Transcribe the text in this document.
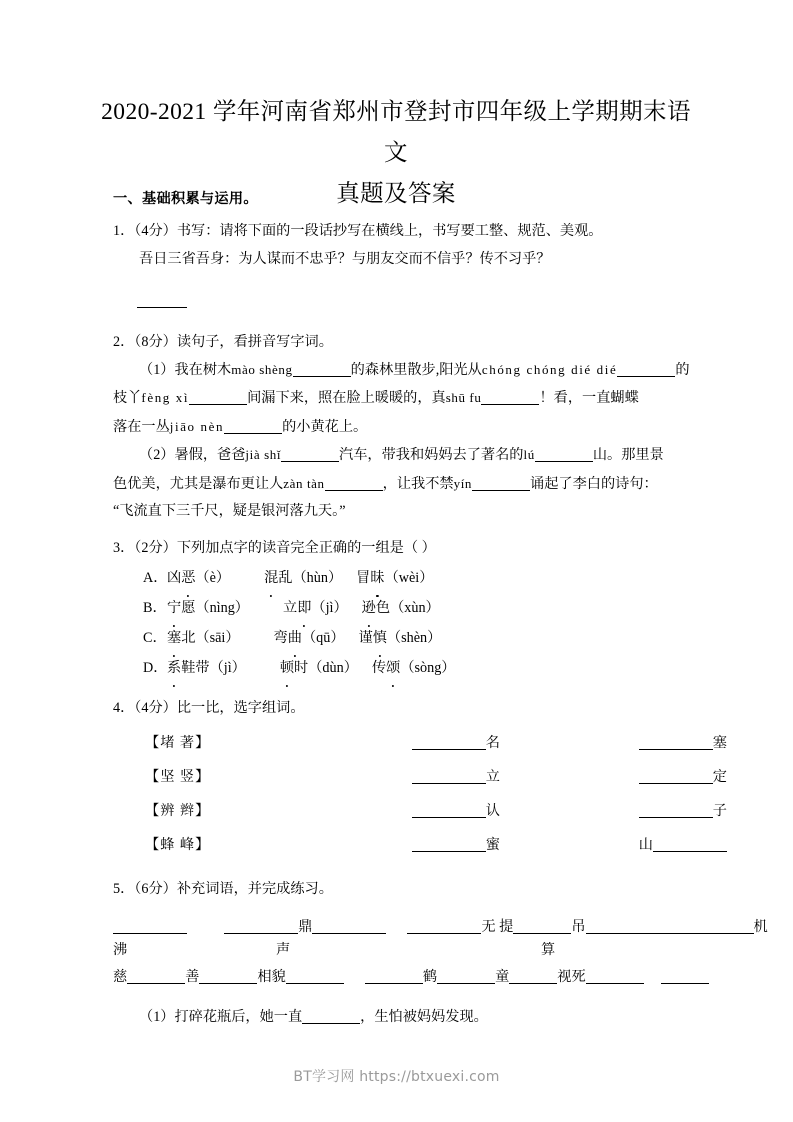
2020-2021 学年河南省郑州市登封市四年级上学期期末语文
真题及答案
一、基础积累与运用。
1．（4分）书写：请将下面的一段话抄写在横线上，书写要工整、规范、美观。
吾日三省吾身：为人谋而不忠乎？与朋友交而不信乎？传不习乎？
2．（8分）读句子，看拼音写字词。
（1）我在树木mào shèng	的森林里散步,阳光从chóng chóng dié dié	的
枝丫fèng xì	间漏下来，照在脸上暖暖的，真shū fu	！看，一直蝴蝶
落在一丛jiāo nèn	的小黄花上。
（2）暑假，爸爸jià shǐ	汽车，带我和妈妈去了著名的lú	山。那里景
色优美，尤其是瀑布更让人zàn tàn	，让我不禁yín	诵起了李白的诗句：
“飞流直下三千尺，疑是银河落九天。”
3．（2分）下列加点字的读音完全正确的一组是（ ）
A．凶恶（è） 混乱（hùn） 冒昧（wèi）
B．宁愿（nìng） 立即（jì） 逊色（xùn）
C．塞北（sāi） 弯曲（qū） 谨慎（shèn）
D．系鞋带（jì） 顿时（dùn） 传颂（sòng）
4．（4分）比一比，选字组词。
【堵 著】	名	塞
【坚 竖】	立	定
【辨 辫】	认	子
【蜂 峰】	蜜	山
5．（6分）补充词语，并完成练习。
鼎	无 提	吊	机
沸	声	算
慈	善	相貌	鹤	童	视死
（1）打碎花瓶后，她一直	，生怕被妈妈发现。
BT学习网 https://btxuexi.com
